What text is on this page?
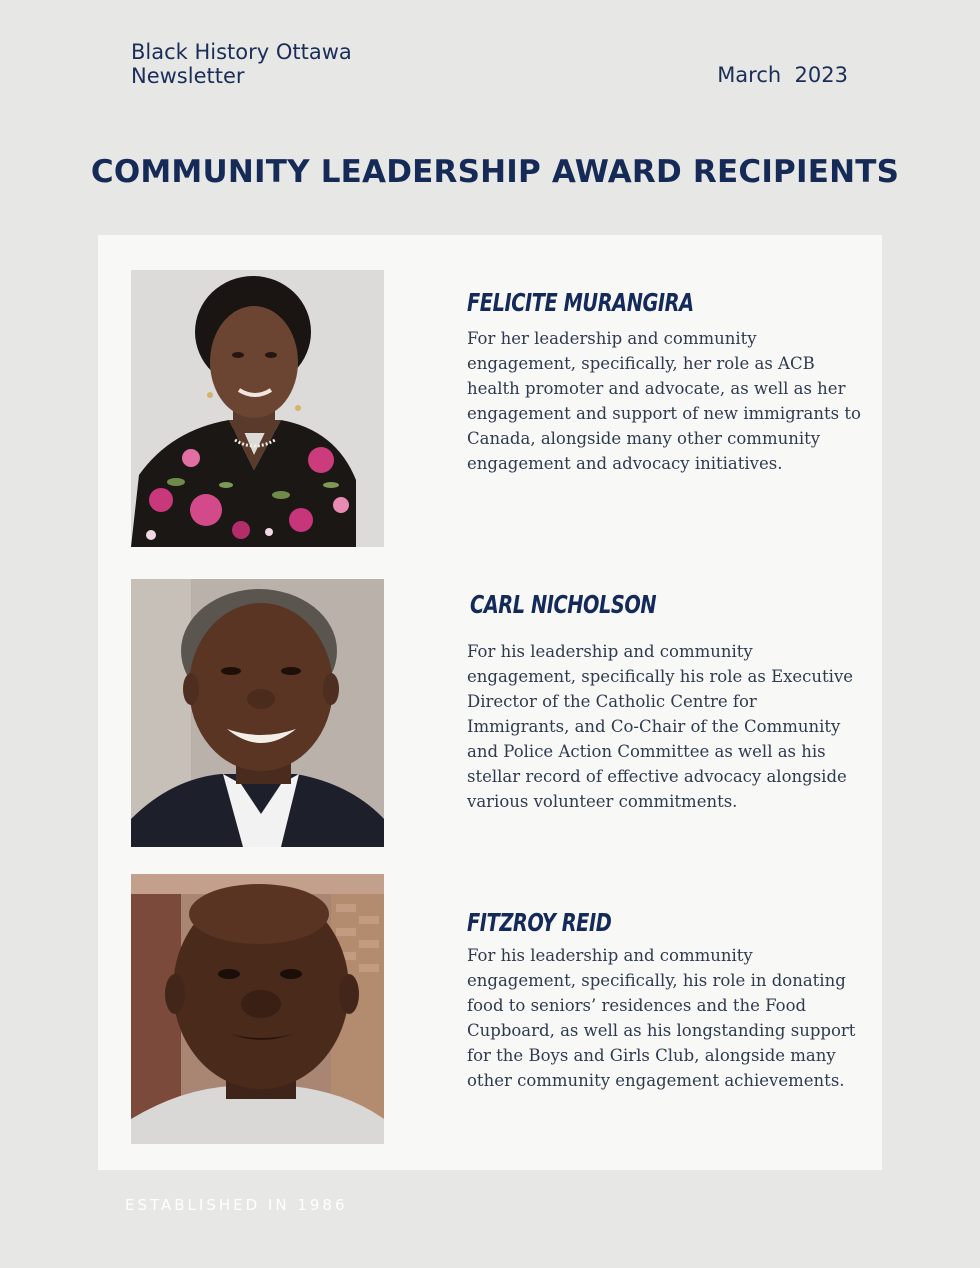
Black History Ottawa
Newsletter	March  2023
COMMUNITY LEADERSHIP AWARD RECIPIENTS
FELICITE MURANGIRA

For her leadership and community engagement, specifically, her role as ACB health promoter and advocate, as well as her engagement and support of new immigrants to Canada, alongside many other community engagement and advocacy initiatives.

CARL NICHOLSON

For his leadership and community engagement, specifically his role as Executive Director of the Catholic Centre for Immigrants, and Co-Chair of the Community and Police Action Committee as well as his stellar record of effective advocacy alongside various volunteer commitments.

FITZROY REID

For his leadership and community engagement, specifically, his role in donating food to seniors’ residences and the Food Cupboard, as well as his longstanding support for the Boys and Girls Club, alongside many other community engagement achievements.

ESTABLISHED IN 1986
